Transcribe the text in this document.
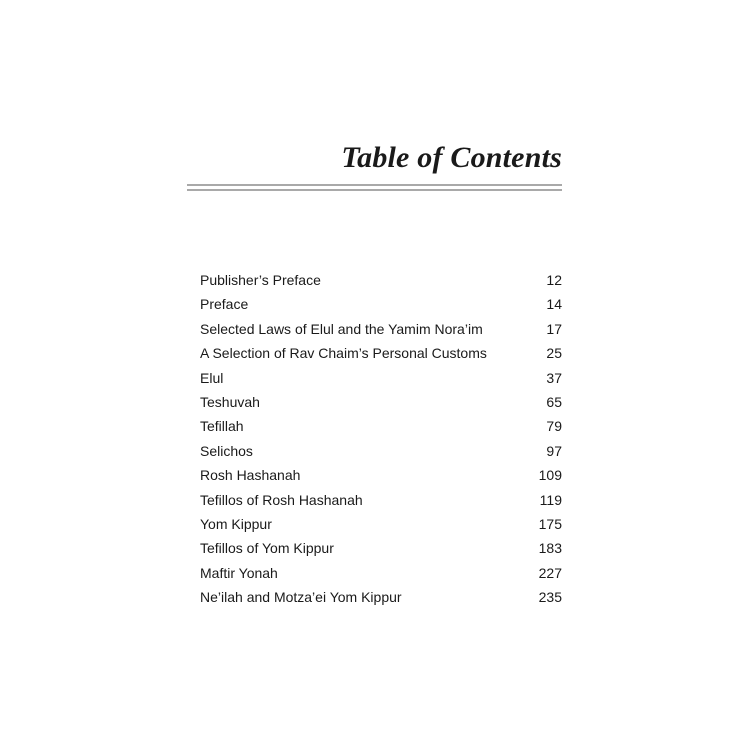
Table of Contents
Publisher’s Preface	12
Preface	14
Selected Laws of Elul and the Yamim Nora’im	17
A Selection of Rav Chaim’s Personal Customs	25
Elul	37
Teshuvah	65
Tefillah	79
Selichos	97
Rosh Hashanah	109
Tefillos of Rosh Hashanah	119
Yom Kippur	175
Tefillos of Yom Kippur	183
Maftir Yonah	227
Ne’ilah and Motza’ei Yom Kippur	235
